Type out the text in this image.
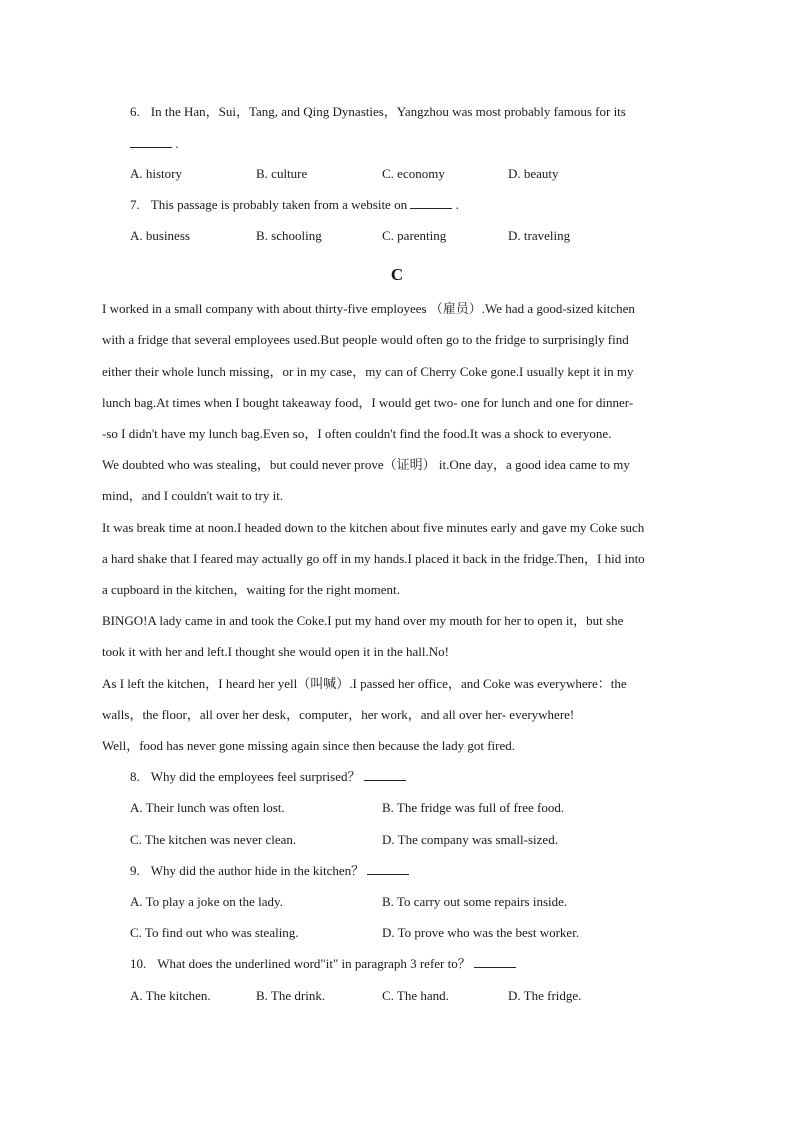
6. In the Han，Sui，Tang, and Qing Dynasties，Yangzhou was most probably famous for its
.
A. history	B. culture	C. economy	D. beauty
7. This passage is probably taken from a website on	.
A. business	B. schooling	C. parenting	D. traveling
C
I worked in a small company with about thirty-five employees （雇员）.We had a good-sized kitchen
with a fridge that several employees used.But people would often go to the fridge to surprisingly find
either their whole lunch missing，or in my case，my can of Cherry Coke gone.I usually kept it in my
lunch bag.At times when I bought takeaway food，I would get two- one for lunch and one for dinner-
-so I didn't have my lunch bag.Even so，I often couldn't find the food.It was a shock to everyone.
We doubted who was stealing，but could never prove（证明） it.One day，a good idea came to my
mind，and I couldn't wait to try it.
It was break time at noon.I headed down to the kitchen about five minutes early and gave my Coke such
a hard shake that I feared may actually go off in my hands.I placed it back in the fridge.Then，I hid into
a cupboard in the kitchen，waiting for the right moment.
BINGO!A lady came in and took the Coke.I put my hand over my mouth for her to open it，but she
took it with her and left.I thought she would open it in the hall.No!
As I left the kitchen，I heard her yell（叫喊）.I passed her office，and Coke was everywhere：the
walls，the floor，all over her desk，computer，her work，and all over her- everywhere!
Well，food has never gone missing again since then because the lady got fired.
8. Why did the employees feel surprised？
A. Their lunch was often lost.	B. The fridge was full of free food.
C. The kitchen was never clean.	D. The company was small-sized.
9. Why did the author hide in the kitchen？
A. To play a joke on the lady.	B. To carry out some repairs inside.
C. To find out who was stealing.	D. To prove who was the best worker.
10. What does the underlined word"it" in paragraph 3 refer to？
A. The kitchen.	B. The drink.	C. The hand.	D. The fridge.
